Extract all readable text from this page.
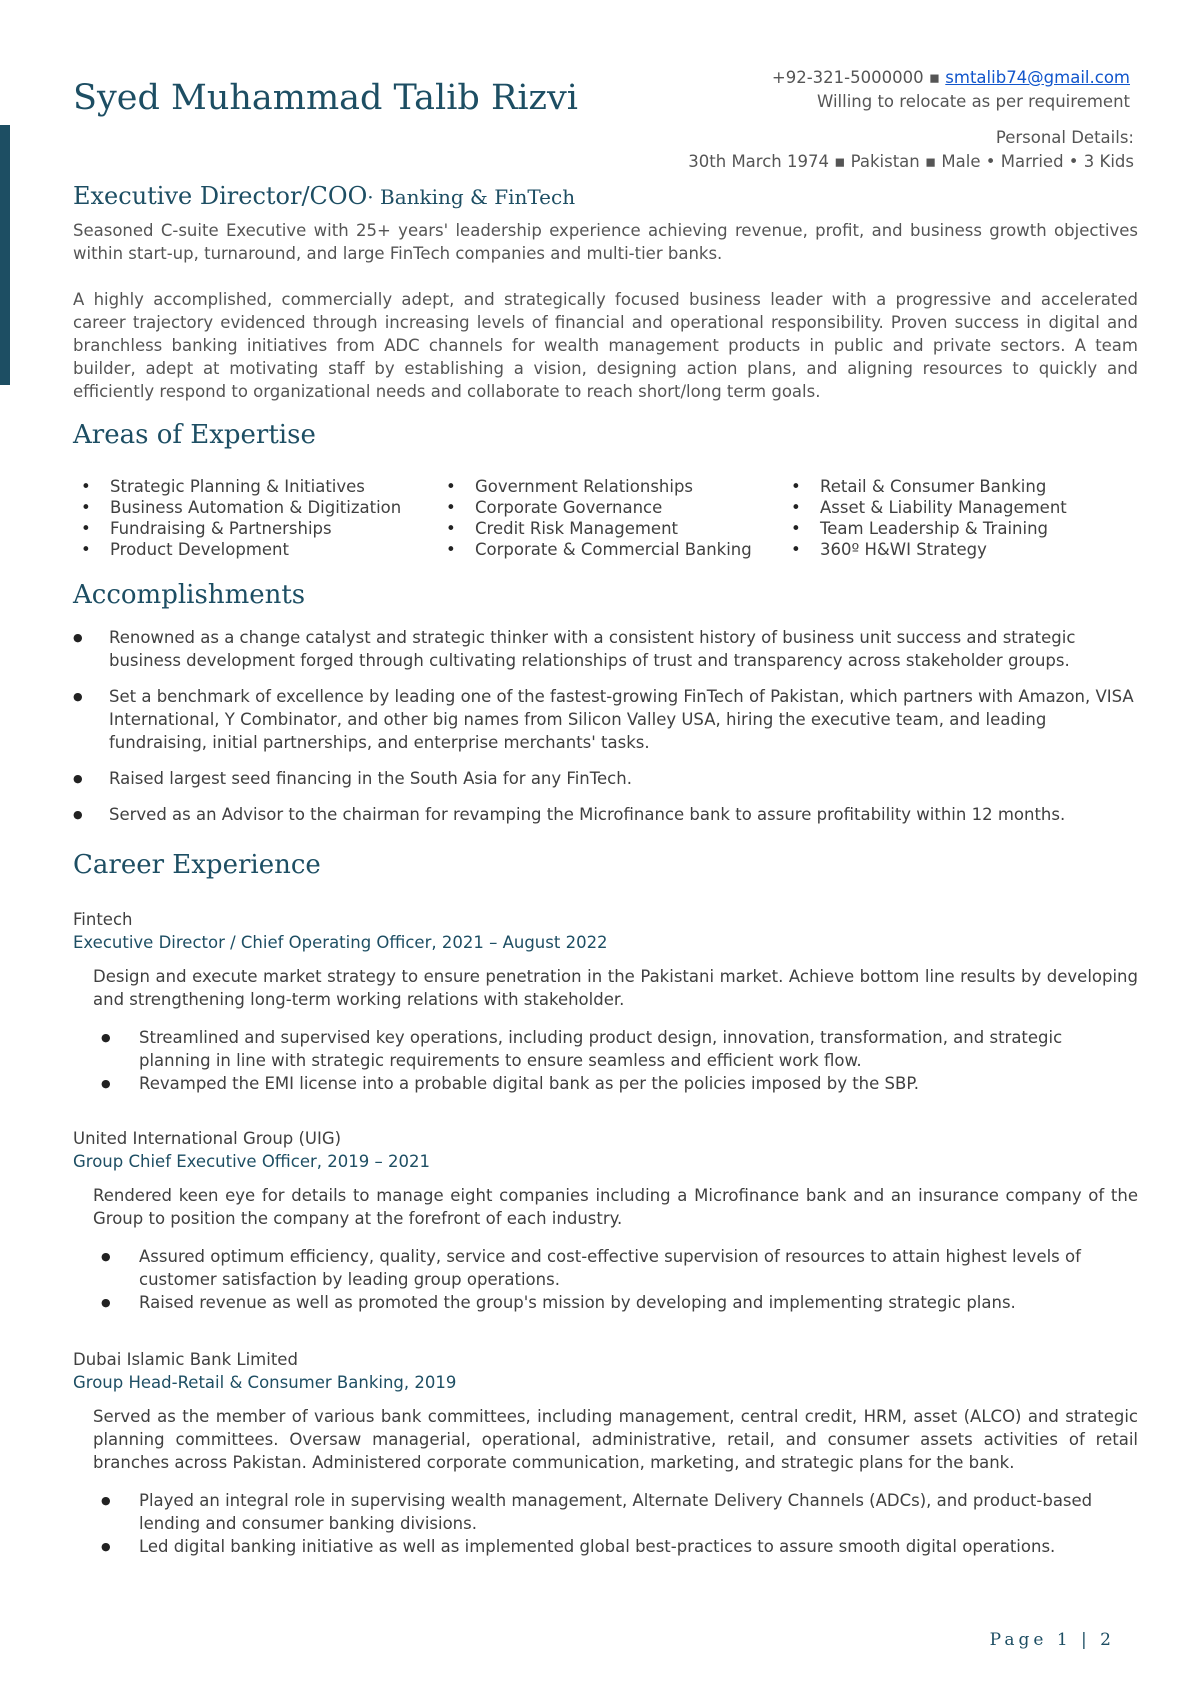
Syed Muhammad Talib Rizvi
+92-321-5000000 ▪ smtalib74@gmail.com
Willing to relocate as per requirement
Personal Details:
30th March 1974 ▪ Pakistan ▪ Male • Married • 3 Kids
Executive Director/COO· Banking & FinTech

Seasoned C-suite Executive with 25+ years' leadership experience achieving revenue, profit, and business growth objectives within start-up, turnaround, and large FinTech companies and multi-tier banks.

A highly accomplished, commercially adept, and strategically focused business leader with a progressive and accelerated career trajectory evidenced through increasing levels of financial and operational responsibility. Proven success in digital and branchless banking initiatives from ADC channels for wealth management products in public and private sectors. A team builder, adept at motivating staff by establishing a vision, designing action plans, and aligning resources to quickly and efficiently respond to organizational needs and collaborate to reach short/long term goals.

Areas of Expertise
• Strategic Planning & Initiatives
• Business Automation & Digitization
• Fundraising & Partnerships
• Product Development
• Government Relationships
• Corporate Governance
• Credit Risk Management
• Corporate & Commercial Banking
• Retail & Consumer Banking
• Asset & Liability Management
• Team Leadership & Training
• 360º H&WI Strategy
Accomplishments
● Renowned as a change catalyst and strategic thinker with a consistent history of business unit success and strategic business development forged through cultivating relationships of trust and transparency across stakeholder groups.
● Set a benchmark of excellence by leading one of the fastest-growing FinTech of Pakistan, which partners with Amazon, VISA International, Y Combinator, and other big names from Silicon Valley USA, hiring the executive team, and leading fundraising, initial partnerships, and enterprise merchants' tasks.
● Raised largest seed financing in the South Asia for any FinTech.
● Served as an Advisor to the chairman for revamping the Microfinance bank to assure profitability within 12 months.
Career Experience
Fintech
Executive Director / Chief Operating Officer, 2021 – August 2022
Design and execute market strategy to ensure penetration in the Pakistani market. Achieve bottom line results by developing and strengthening long-term working relations with stakeholder.
● Streamlined and supervised key operations, including product design, innovation, transformation, and strategic planning in line with strategic requirements to ensure seamless and efficient work flow.
● Revamped the EMI license into a probable digital bank as per the policies imposed by the SBP.
United International Group (UIG)
Group Chief Executive Officer, 2019 – 2021
Rendered keen eye for details to manage eight companies including a Microfinance bank and an insurance company of the Group to position the company at the forefront of each industry.
● Assured optimum efficiency, quality, service and cost-effective supervision of resources to attain highest levels of customer satisfaction by leading group operations.
● Raised revenue as well as promoted the group's mission by developing and implementing strategic plans.
Dubai Islamic Bank Limited
Group Head-Retail & Consumer Banking, 2019
Served as the member of various bank committees, including management, central credit, HRM, asset (ALCO) and strategic planning committees. Oversaw managerial, operational, administrative, retail, and consumer assets activities of retail branches across Pakistan. Administered corporate communication, marketing, and strategic plans for the bank.
● Played an integral role in supervising wealth management, Alternate Delivery Channels (ADCs), and product-based lending and consumer banking divisions.
● Led digital banking initiative as well as implemented global best-practices to assure smooth digital operations.
Page 1 | 2
